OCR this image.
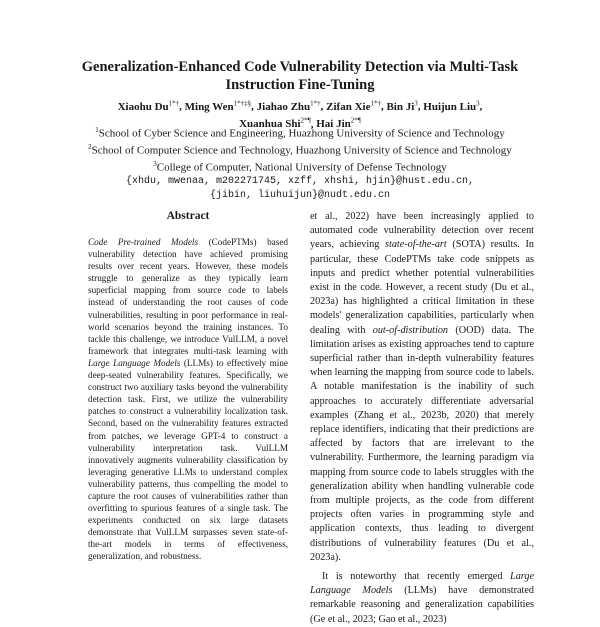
Generalization-Enhanced Code Vulnerability Detection via Multi-Task
Instruction Fine-Tuning
Xiaohu $Du^{1*\dagger}$, Ming Wen$^{1*\dagger\ddagger\S}$, Jiahao Zhu$^{1*\dagger}$, Zifan Xie$^{1*\dagger}$, Bin Ji$^3$, Huijun Liu$^3$,
Xuanhua Shi$^{2*\P}$, Hai Jin$^{2*\P}$
$^1$School of Cyber Science and Engineering, Huazhong University of Science and Technology
$^2$School of Computer Science and Technology, Huazhong University of Science and Technology
$^3$College of Computer, National University of Defense Technology
{xhdu, mwenaa, m202271745, xzff, xhshi, hjin}@hust.edu.cn,
{jibin, liuhuijun}@nudt.edu.cn
Abstract

Code Pre-trained Models (CodePTMs) based vulnerability detection have achieved promising results over recent years. However, these models struggle to generalize as they typically learn superficial mapping from source code to labels instead of understanding the root causes of code vulnerabilities, resulting in poor performance in real-world scenarios beyond the training instances. To tackle this challenge, we introduce VulLLM, a novel framework that integrates multi-task learning with Large Language Models (LLMs) to effectively mine deep-seated vulnerability features. Specifically, we construct two auxiliary tasks beyond the vulnerability detection task. First, we utilize the vulnerability patches to construct a vulnerability localization task. Second, based on the vulnerability features extracted from patches, we leverage GPT-4 to construct a vulnerability interpretation task. VulLLM innovatively augments vulnerability classification by leveraging generative LLMs to understand complex vulnerability patterns, thus compelling the model to capture the root causes of vulnerabilities rather than overfitting to spurious features of a single task. The experiments conducted on six large datasets demonstrate that VulLLM surpasses seven state-of-the-art models in terms of effectiveness, generalization, and robustness.

et al., 2022) have been increasingly applied to automated code vulnerability detection over recent years, achieving state-of-the-art (SOTA) results. In particular, these CodePTMs take code snippets as inputs and predict whether potential vulnerabilities exist in the code. However, a recent study (Du et al., 2023a) has highlighted a critical limitation in these models' generalization capabilities, particularly when dealing with out-of-distribution (OOD) data. The limitation arises as existing approaches tend to capture superficial rather than in-depth vulnerability features when learning the mapping from source code to labels. A notable manifestation is the inability of such approaches to accurately differentiate adversarial examples (Zhang et al., 2023b, 2020) that merely replace identifiers, indicating that their predictions are affected by factors that are irrelevant to the vulnerability. Furthermore, the learning paradigm via mapping from source code to labels struggles with the generalization ability when handling vulnerable code from multiple projects, as the code from different projects often varies in programming style and application contexts, thus leading to divergent distributions of vulnerability features (Du et al., 2023a).

It is noteworthy that recently emerged Large Language Models (LLMs) have demonstrated remarkable reasoning and generalization capabilities (Ge et al., 2023; Gao et al., 2023)
